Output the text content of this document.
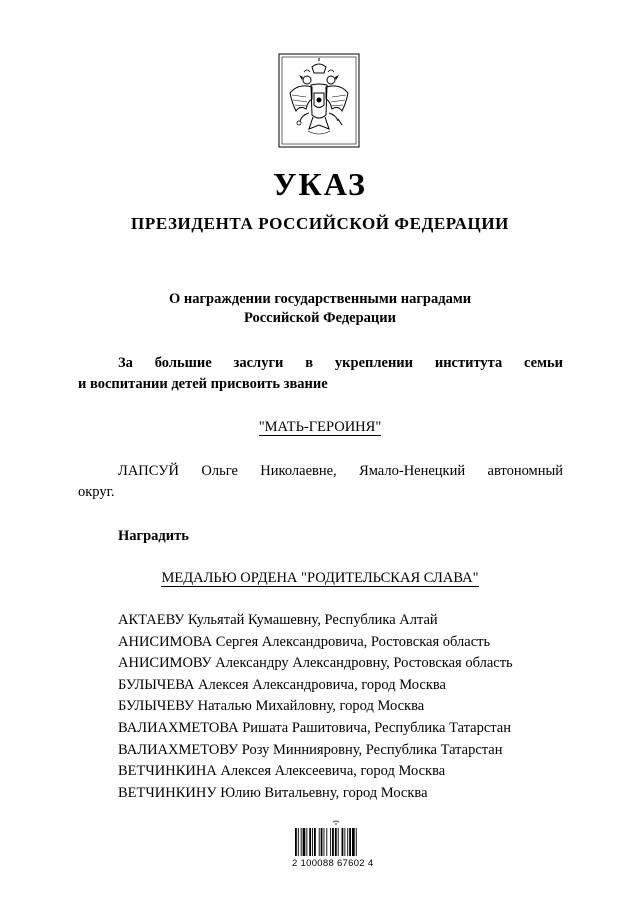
УКАЗ
ПРЕЗИДЕНТА РОССИЙСКОЙ ФЕДЕРАЦИИ
О награждении государственными наградами
Российской Федерации
За большие заслуги в укреплении института семьи
и воспитании детей присвоить звание
"МАТЬ-ГЕРОИНЯ"
ЛАПСУЙ Ольге Николаевне, Ямало-Ненецкий автономный
округ.
Наградить
МЕДАЛЬЮ ОРДЕНА "РОДИТЕЛЬСКАЯ СЛАВА"
АКТАЕВУ Кульятай Кумашевну, Республика Алтай
АНИСИМОВА Сергея Александровича, Ростовская область
АНИСИМОВУ Александру Александровну, Ростовская область
БУЛЫЧЕВА Алексея Александровича, город Москва
БУЛЫЧЕВУ Наталью Михайловну, город Москва
ВАЛИАХМЕТОВА Ришата Рашитовича, Республика Татарстан
ВАЛИАХМЕТОВУ Розу Миннияровну, Республика Татарстан
ВЕТЧИНКИНА Алексея Алексеевича, город Москва
ВЕТЧИНКИНУ Юлию Витальевну, город Москва
2 100088 67602 4
